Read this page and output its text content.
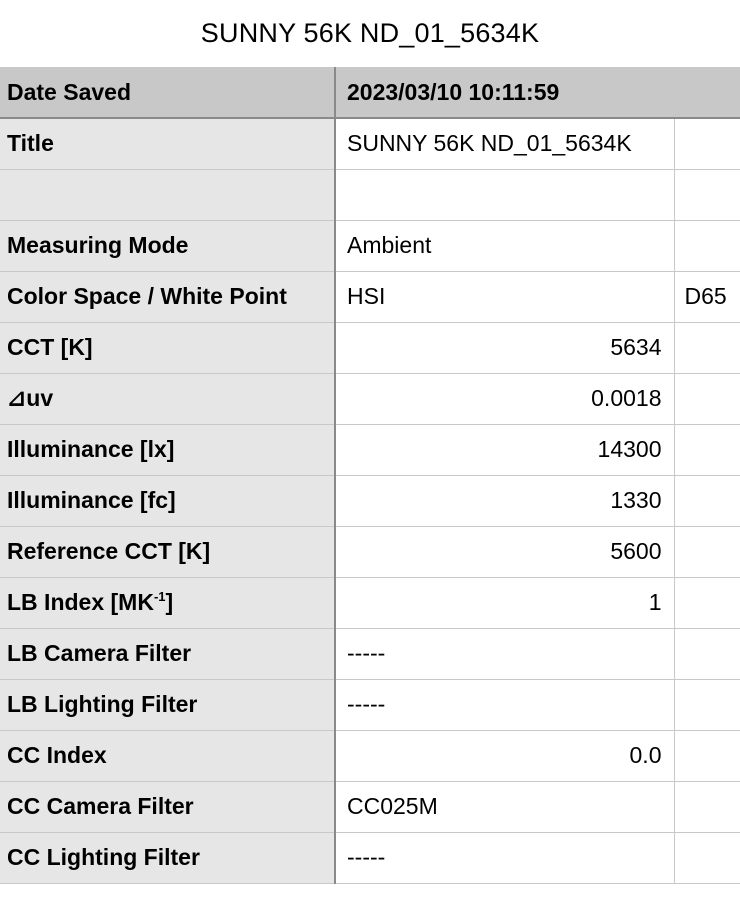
SUNNY 56K ND_01_5634K
Date Saved	2023/03/10 10:11:59	
Title	SUNNY 56K ND_01_5634K	

Measuring Mode	Ambient	
Color Space / White Point	HSI	D65
CCT [K]	5634	
⊿uv	0.0018	
Illuminance [lx]	14300	
Illuminance [fc]	1330	
Reference CCT [K]	5600	
LB Index $[MK^{-1}]$	1	
LB Camera Filter	-----	
LB Lighting Filter	-----	
CC Index	0.0	
CC Camera Filter	CC025M	
CC Lighting Filter	-----	
